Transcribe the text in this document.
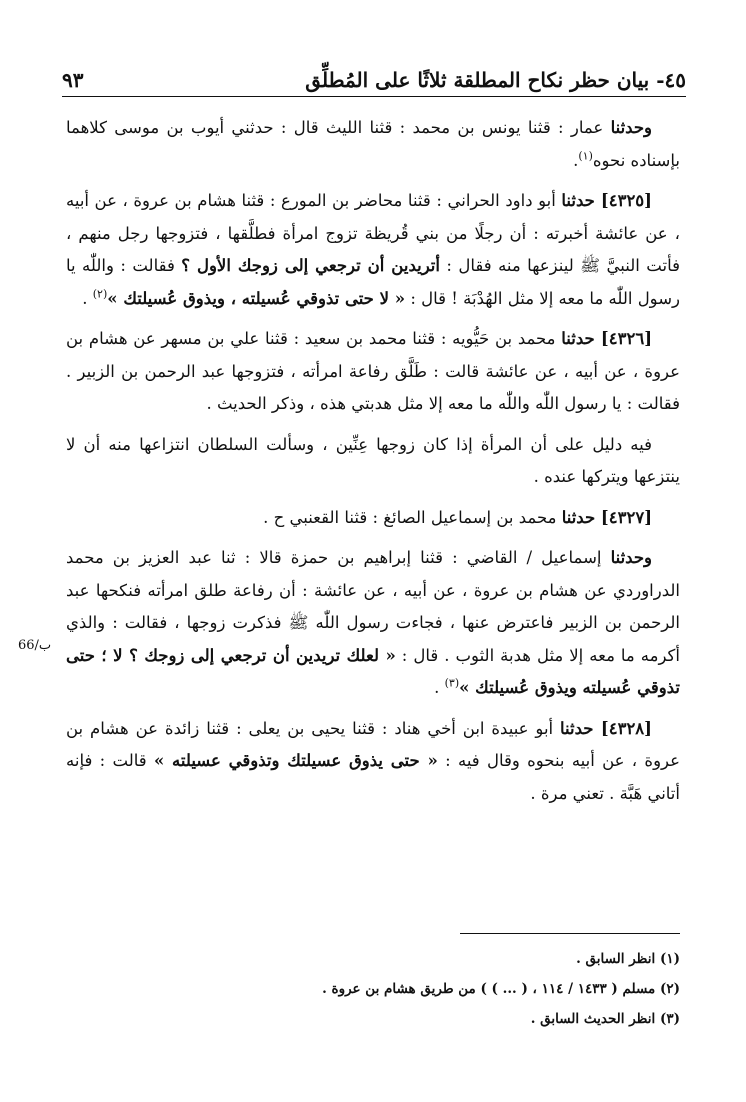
٤٥- بيان حظر نكاح المطلقة ثلاثًا على المُطلِّق
٩٣
66/ب

وحدثنا عمار : قثنا يونس بن محمد : قثنا الليث قال : حدثني أيوب بن موسى كلاهما بإسناده نحوه$^{(١)}$.

[٤٣٢٥] حدثنا أبو داود الحراني : قثنا محاضر بن المورع : قثنا هشام بن عروة ، عن أبيه ، عن عائشة أخبرته : أن رجلًا من بني قُريظة تزوج امرأة فطلَّقها ، فتزوجها رجل منهم ، فأتت النبيَّ ﷺ لينزعها منه فقال : أتريدين أن ترجعي إلى زوجك الأول ؟ فقالت : واللّٰه يا رسول اللّٰه ما معه إلا مثل الهُدْبَة ! قال : « لا حتى تذوقي عُسيلته ، ويذوق عُسيلتك »$^{(٢)}$ .

[٤٣٢٦] حدثنا محمد بن حَيُّويه : قثنا محمد بن سعيد : قثنا علي بن مسهر عن هشام بن عروة ، عن أبيه ، عن عائشة قالت : طَلَّق رفاعة امرأته ، فتزوجها عبد الرحمن بن الزبير . فقالت : يا رسول اللّٰه واللّٰه ما معه إلا مثل هدبتي هذه ، وذكر الحديث .

فيه دليل على أن المرأة إذا كان زوجها عِنِّين ، وسألت السلطان انتزاعها منه أن لا ينتزعها ويتركها عنده .

[٤٣٢٧] حدثنا محمد بن إسماعيل الصائغ : قثنا القعنبي ح .

وحدثنا إسماعيل / القاضي : قثنا إبراهيم بن حمزة قالا : ثنا عبد العزيز بن محمد الدراوردي عن هشام بن عروة ، عن أبيه ، عن عائشة : أن رفاعة طلق امرأته فنكحها عبد الرحمن بن الزبير فاعترض عنها ، فجاءت رسول اللّٰه ﷺ فذكرت زوجها ، فقالت : والذي أكرمه ما معه إلا مثل هدبة الثوب . قال : « لعلك تريدين أن ترجعي إلى زوجك ؟ لا ؛ حتى تذوقي عُسيلته ويذوق عُسيلتك »$^{(٣)}$ .

[٤٣٢٨] حدثنا أبو عبيدة ابن أخي هناد : قثنا يحيى بن يعلى : قثنا زائدة عن هشام بن عروة ، عن أبيه بنحوه وقال فيه : « حتى يذوق عسيلتك وتذوقي عسيلته » قالت : فإنه أتاني هَبَّة . تعني مرة .

(١) انظر السابق .

(٢) مسلم ( ١٤٣٣ / ١١٤ ، ( ... ) ) من طريق هشام بن عروة .

(٣) انظر الحديث السابق .
